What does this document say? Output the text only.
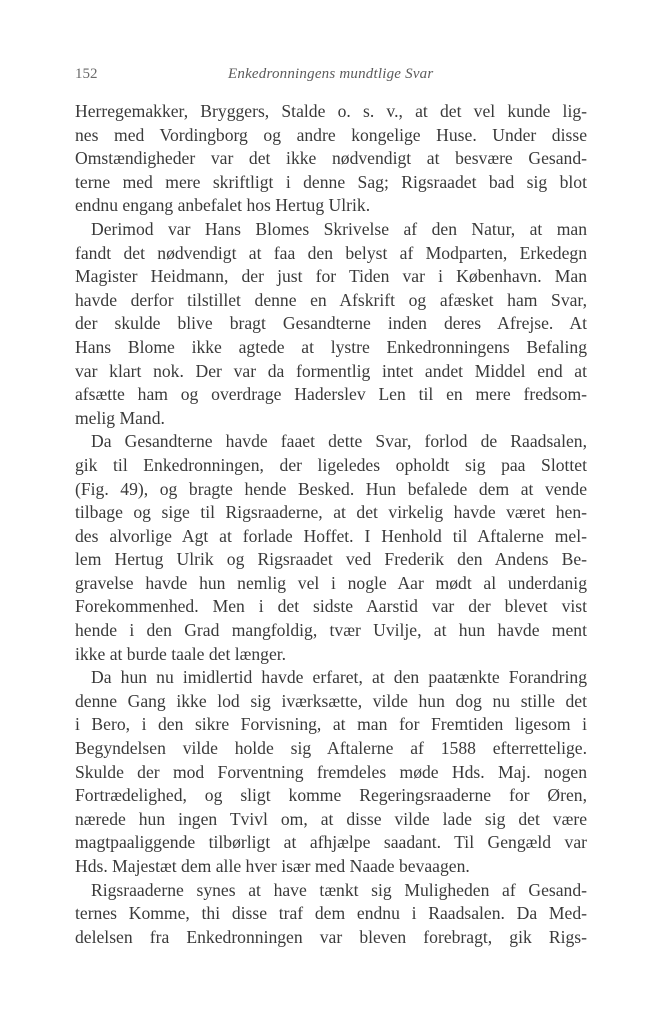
152	Enkedronningens mundtlige Svar
Herregemakker, Bryggers, Stalde o. s. v., at det vel kunde lig-
nes med Vordingborg og andre kongelige Huse. Under disse
Omstændigheder var det ikke nødvendigt at besvære Gesand-
terne med mere skriftligt i denne Sag; Rigsraadet bad sig blot
endnu engang anbefalet hos Hertug Ulrik.
Derimod var Hans Blomes Skrivelse af den Natur, at man
fandt det nødvendigt at faa den belyst af Modparten, Erkedegn
Magister Heidmann, der just for Tiden var i København. Man
havde derfor tilstillet denne en Afskrift og afæsket ham Svar,
der skulde blive bragt Gesandterne inden deres Afrejse. At
Hans Blome ikke agtede at lystre Enkedronningens Befaling
var klart nok. Der var da formentlig intet andet Middel end at
afsætte ham og overdrage Haderslev Len til en mere fredsom-
melig Mand.
Da Gesandterne havde faaet dette Svar, forlod de Raadsalen,
gik til Enkedronningen, der ligeledes opholdt sig paa Slottet
(Fig. 49), og bragte hende Besked. Hun befalede dem at vende
tilbage og sige til Rigsraaderne, at det virkelig havde været hen-
des alvorlige Agt at forlade Hoffet. I Henhold til Aftalerne mel-
lem Hertug Ulrik og Rigsraadet ved Frederik den Andens Be-
gravelse havde hun nemlig vel i nogle Aar mødt al underdanig
Forekommenhed. Men i det sidste Aarstid var der blevet vist
hende i den Grad mangfoldig, tvær Uvilje, at hun havde ment
ikke at burde taale det længer.
Da hun nu imidlertid havde erfaret, at den paatænkte Forandring
denne Gang ikke lod sig iværksætte, vilde hun dog nu stille det
i Bero, i den sikre Forvisning, at man for Fremtiden ligesom i
Begyndelsen vilde holde sig Aftalerne af 1588 efterrettelige.
Skulde der mod Forventning fremdeles møde Hds. Maj. nogen
Fortrædelighed, og sligt komme Regeringsraaderne for Øren,
nærede hun ingen Tvivl om, at disse vilde lade sig det være
magtpaaliggende tilbørligt at afhjælpe saadant. Til Gengæld var
Hds. Majestæt dem alle hver især med Naade bevaagen.
Rigsraaderne synes at have tænkt sig Muligheden af Gesand-
ternes Komme, thi disse traf dem endnu i Raadsalen. Da Med-
delelsen fra Enkedronningen var bleven forebragt, gik Rigs-
